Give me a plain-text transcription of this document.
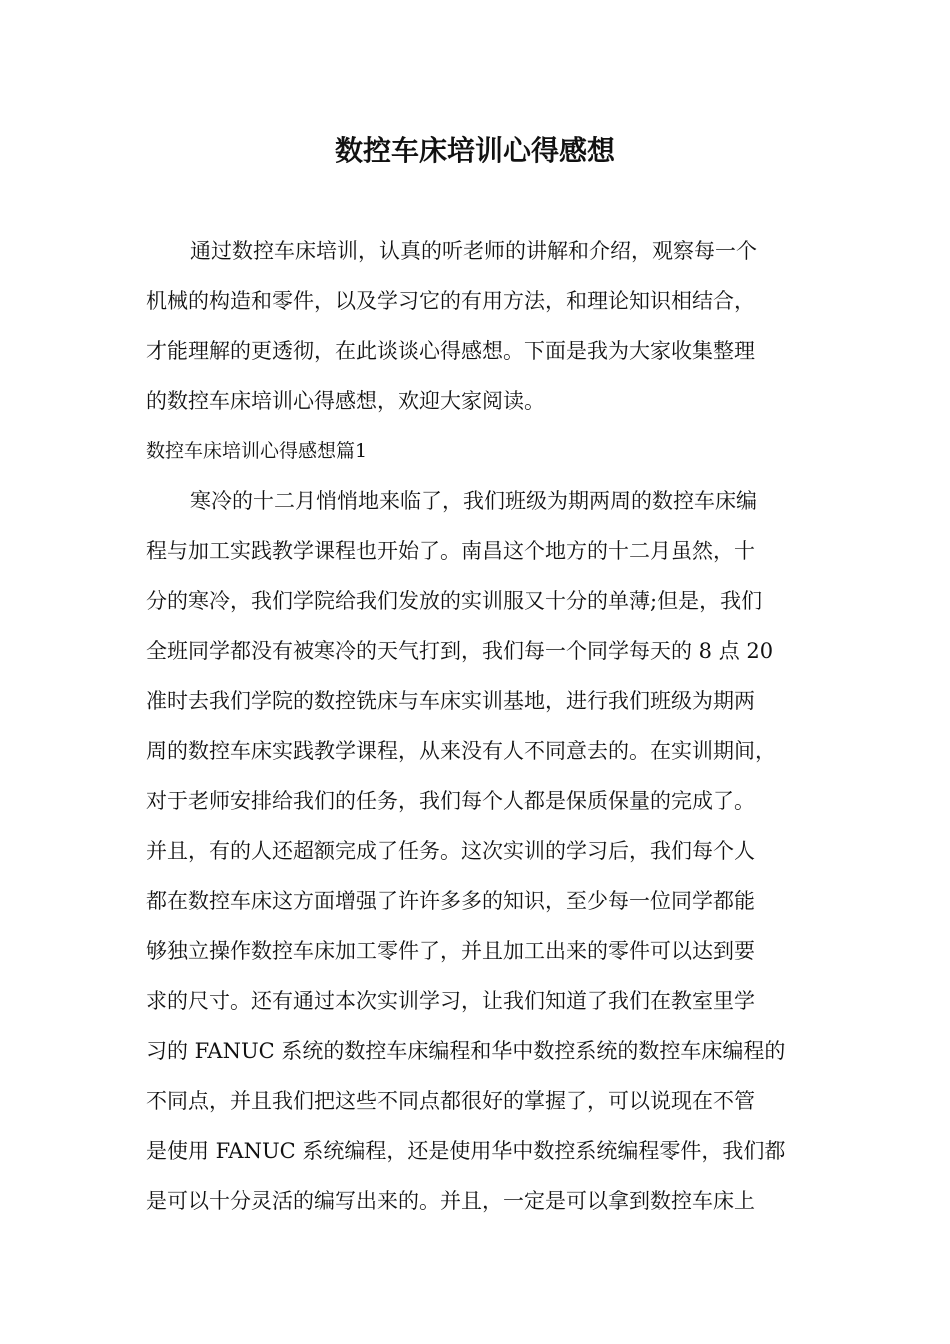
数控车床培训心得感想
通过数控车床培训，认真的听老师的讲解和介绍，观察每一个
机械的构造和零件，以及学习它的有用方法，和理论知识相结合，
才能理解的更透彻，在此谈谈心得感想。下面是我为大家收集整理
的数控车床培训心得感想，欢迎大家阅读。
数控车床培训心得感想篇1
寒冷的十二月悄悄地来临了，我们班级为期两周的数控车床编
程与加工实践教学课程也开始了。南昌这个地方的十二月虽然，十
分的寒冷，我们学院给我们发放的实训服又十分的单薄;但是，我们
全班同学都没有被寒冷的天气打到，我们每一个同学每天的 8 点 20
准时去我们学院的数控铣床与车床实训基地，进行我们班级为期两
周的数控车床实践教学课程，从来没有人不同意去的。在实训期间，
对于老师安排给我们的任务，我们每个人都是保质保量的完成了。
并且，有的人还超额完成了任务。这次实训的学习后，我们每个人
都在数控车床这方面增强了许许多多的知识，至少每一位同学都能
够独立操作数控车床加工零件了，并且加工出来的零件可以达到要
求的尺寸。还有通过本次实训学习，让我们知道了我们在教室里学
习的 FANUC 系统的数控车床编程和华中数控系统的数控车床编程的
不同点，并且我们把这些不同点都很好的掌握了，可以说现在不管
是使用 FANUC 系统编程，还是使用华中数控系统编程零件，我们都
是可以十分灵活的编写出来的。并且，一定是可以拿到数控车床上
